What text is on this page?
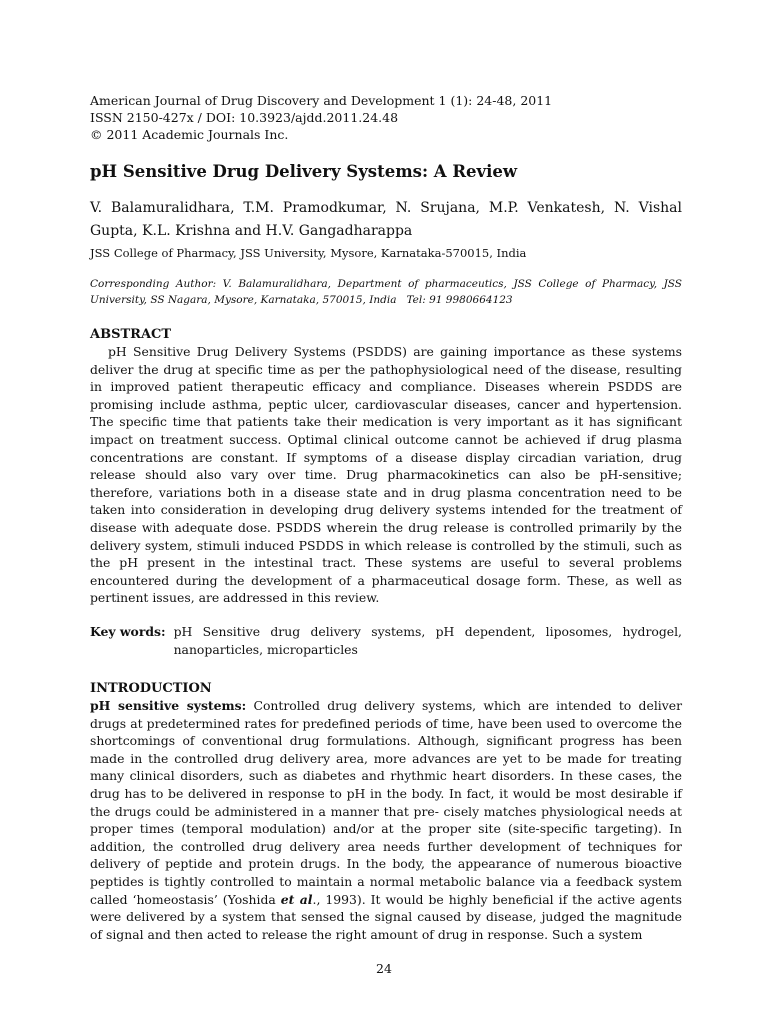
American Journal of Drug Discovery and Development 1 (1): 24-48, 2011

ISSN 2150-427x / DOI: 10.3923/ajdd.2011.24.48

© 2011 Academic Journals Inc.

pH Sensitive Drug Delivery Systems: A Review

V. Balamuralidhara, T.M. Pramodkumar, N. Srujana, M.P. Venkatesh, N. Vishal Gupta, K.L. Krishna and H.V. Gangadharappa

JSS College of Pharmacy, JSS University, Mysore, Karnataka-570015, India

Corresponding Author: V. Balamuralidhara, Department of pharmaceutics, JSS College of Pharmacy, JSS University, SS Nagara, Mysore, Karnataka, 570015, India Tel: 91 9980664123

ABSTRACT

pH Sensitive Drug Delivery Systems (PSDDS) are gaining importance as these systems deliver the drug at specific time as per the pathophysiological need of the disease, resulting in improved patient therapeutic efficacy and compliance. Diseases wherein PSDDS are promising include asthma, peptic ulcer, cardiovascular diseases, cancer and hypertension. The specific time that patients take their medication is very important as it has significant impact on treatment success. Optimal clinical outcome cannot be achieved if drug plasma concentrations are constant. If symptoms of a disease display circadian variation, drug release should also vary over time. Drug pharmacokinetics can also be pH-sensitive; therefore, variations both in a disease state and in drug plasma concentration need to be taken into consideration in developing drug delivery systems intended for the treatment of disease with adequate dose. PSDDS wherein the drug release is controlled primarily by the delivery system, stimuli induced PSDDS in which release is controlled by the stimuli, such as the pH present in the intestinal tract. These systems are useful to several problems encountered during the development of a pharmaceutical dosage form. These, as well as pertinent issues, are addressed in this review.

Key words: pH Sensitive drug delivery systems, pH dependent, liposomes, hydrogel, nanoparticles, microparticles
INTRODUCTION

pH sensitive systems: Controlled drug delivery systems, which are intended to deliver drugs at predetermined rates for predefined periods of time, have been used to overcome the shortcomings of conventional drug formulations. Although, significant progress has been made in the controlled drug delivery area, more advances are yet to be made for treating many clinical disorders, such as diabetes and rhythmic heart disorders. In these cases, the drug has to be delivered in response to pH in the body. In fact, it would be most desirable if the drugs could be administered in a manner that pre- cisely matches physiological needs at proper times (temporal modulation) and/or at the proper site (site-specific targeting). In addition, the controlled drug delivery area needs further development of techniques for delivery of peptide and protein drugs. In the body, the appearance of numerous bioactive peptides is tightly controlled to maintain a normal metabolic balance via a feedback system called ‘homeostasis’ (Yoshida et al., 1993). It would be highly beneficial if the active agents were delivered by a system that sensed the signal caused by disease, judged the magnitude of signal and then acted to release the right amount of drug in response. Such a system

24
